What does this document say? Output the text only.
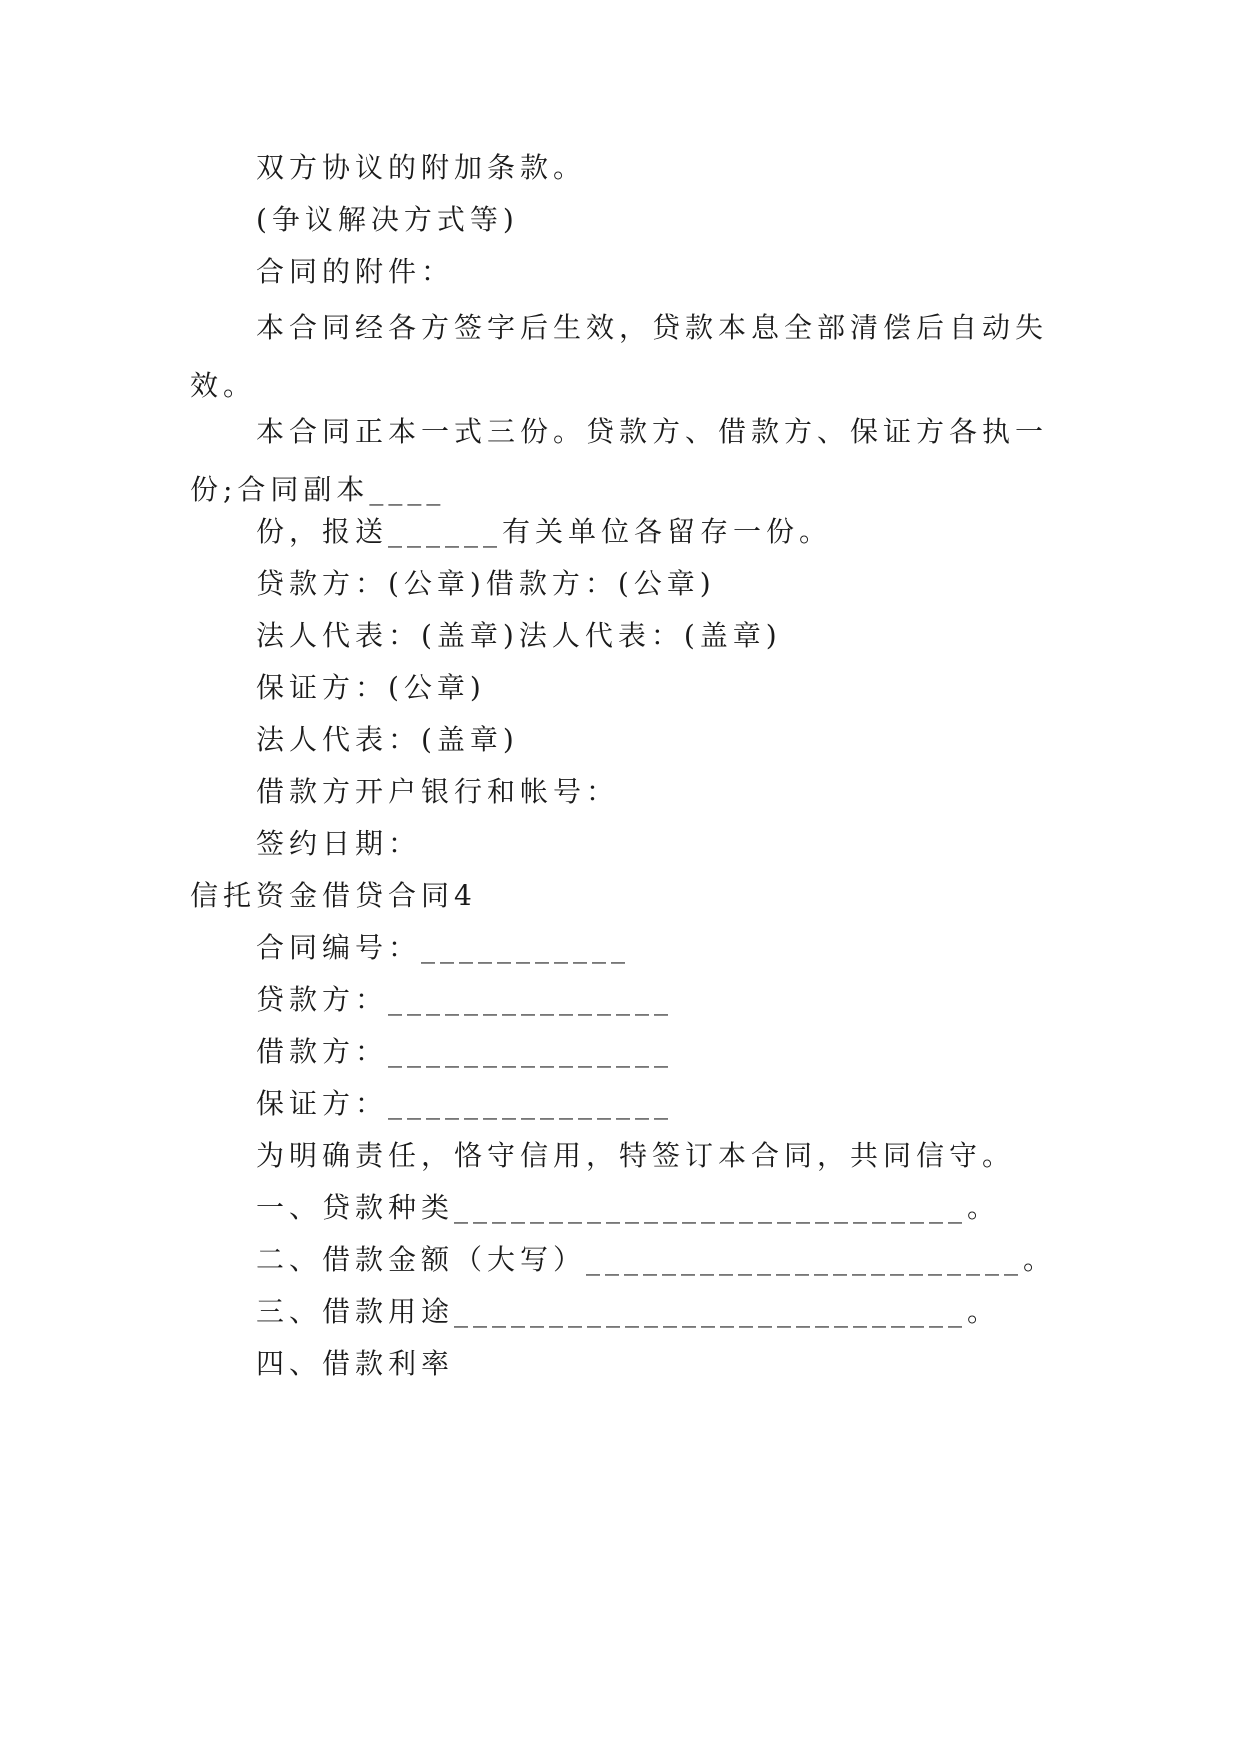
双方协议的附加条款。
(争议解决方式等)
合同的附件：
本合同经各方签字后生效，贷款本息全部清偿后自动失效。
本合同正本一式三份。贷款方、借款方、保证方各执一份;合同副本____
份，报送______有关单位各留存一份。
贷款方：(公章)借款方：(公章)
法人代表：(盖章)法人代表：(盖章)
保证方：(公章)
法人代表：(盖章)
借款方开户银行和帐号：
签约日期：
信托资金借贷合同4
合同编号：___________
贷款方：_______________
借款方：_______________
保证方：_______________
为明确责任，恪守信用，特签订本合同，共同信守。
一、贷款种类___________________________。
二、借款金额（大写）_______________________。
三、借款用途___________________________。
四、借款利率
